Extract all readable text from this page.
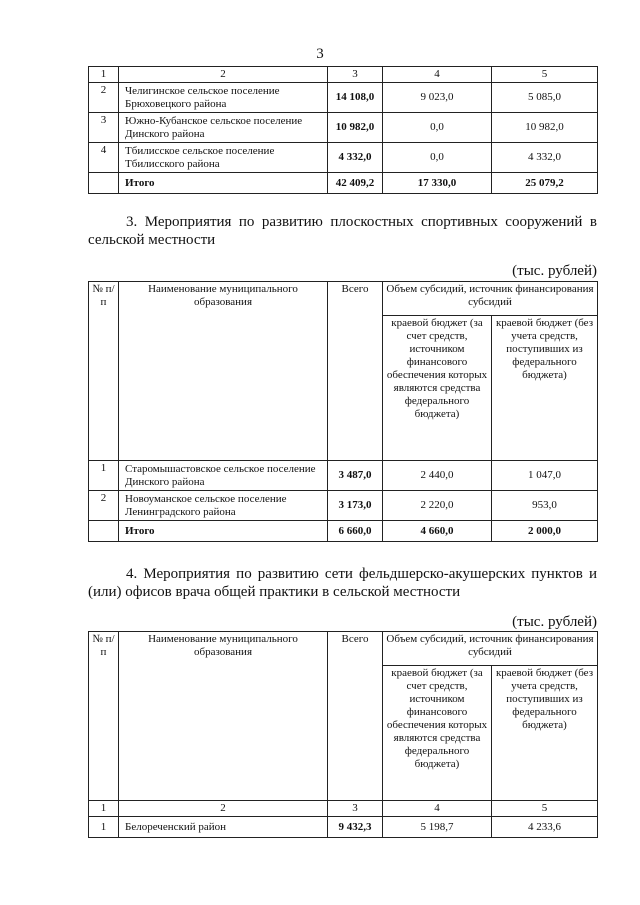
3
1	2	3	4	5
2	Челигинское сельское поселение Брюховецкого района	14 108,0	9 023,0	5 085,0
3	Южно-Кубанское сельское поселение Динского района	10 982,0	0,0	10 982,0
4	Тбилисское сельское поселение Тбилисского района	4 332,0	0,0	4 332,0
	Итого	42 409,2	17 330,0	25 079,2
3. Мероприятия по развитию плоскостных спортивных сооружений в сельской местности
(тыс. рублей)
№ п/п	Наименование муниципального образования	Всего	Объем субсидий, источник финансирования субсидий	
			краевой бюджет (за счет средств, источником финансового обеспечения которых являются средства федерального бюджета)	краевой бюджет (без учета средств, поступивших из федерального бюджета)
1	Старомышастовское сельское поселение Динского района	3 487,0	2 440,0	1 047,0
2	Новоуманское сельское поселение Ленинградского района	3 173,0	2 220,0	953,0
	Итого	6 660,0	4 660,0	2 000,0
4. Мероприятия по развитию сети фельдшерско-акушерских пунктов и (или) офисов врача общей практики в сельской местности
(тыс. рублей)
№ п/п	Наименование муниципального образования	Всего	Объем субсидий, источник финансирования субсидий	
			краевой бюджет (за счет средств, источником финансового обеспечения которых являются средства федерального бюджета)	краевой бюджет (без учета средств, поступивших из федерального бюджета)
1	2	3	4	5
1	Белореченский район	9 432,3	5 198,7	4 233,6
